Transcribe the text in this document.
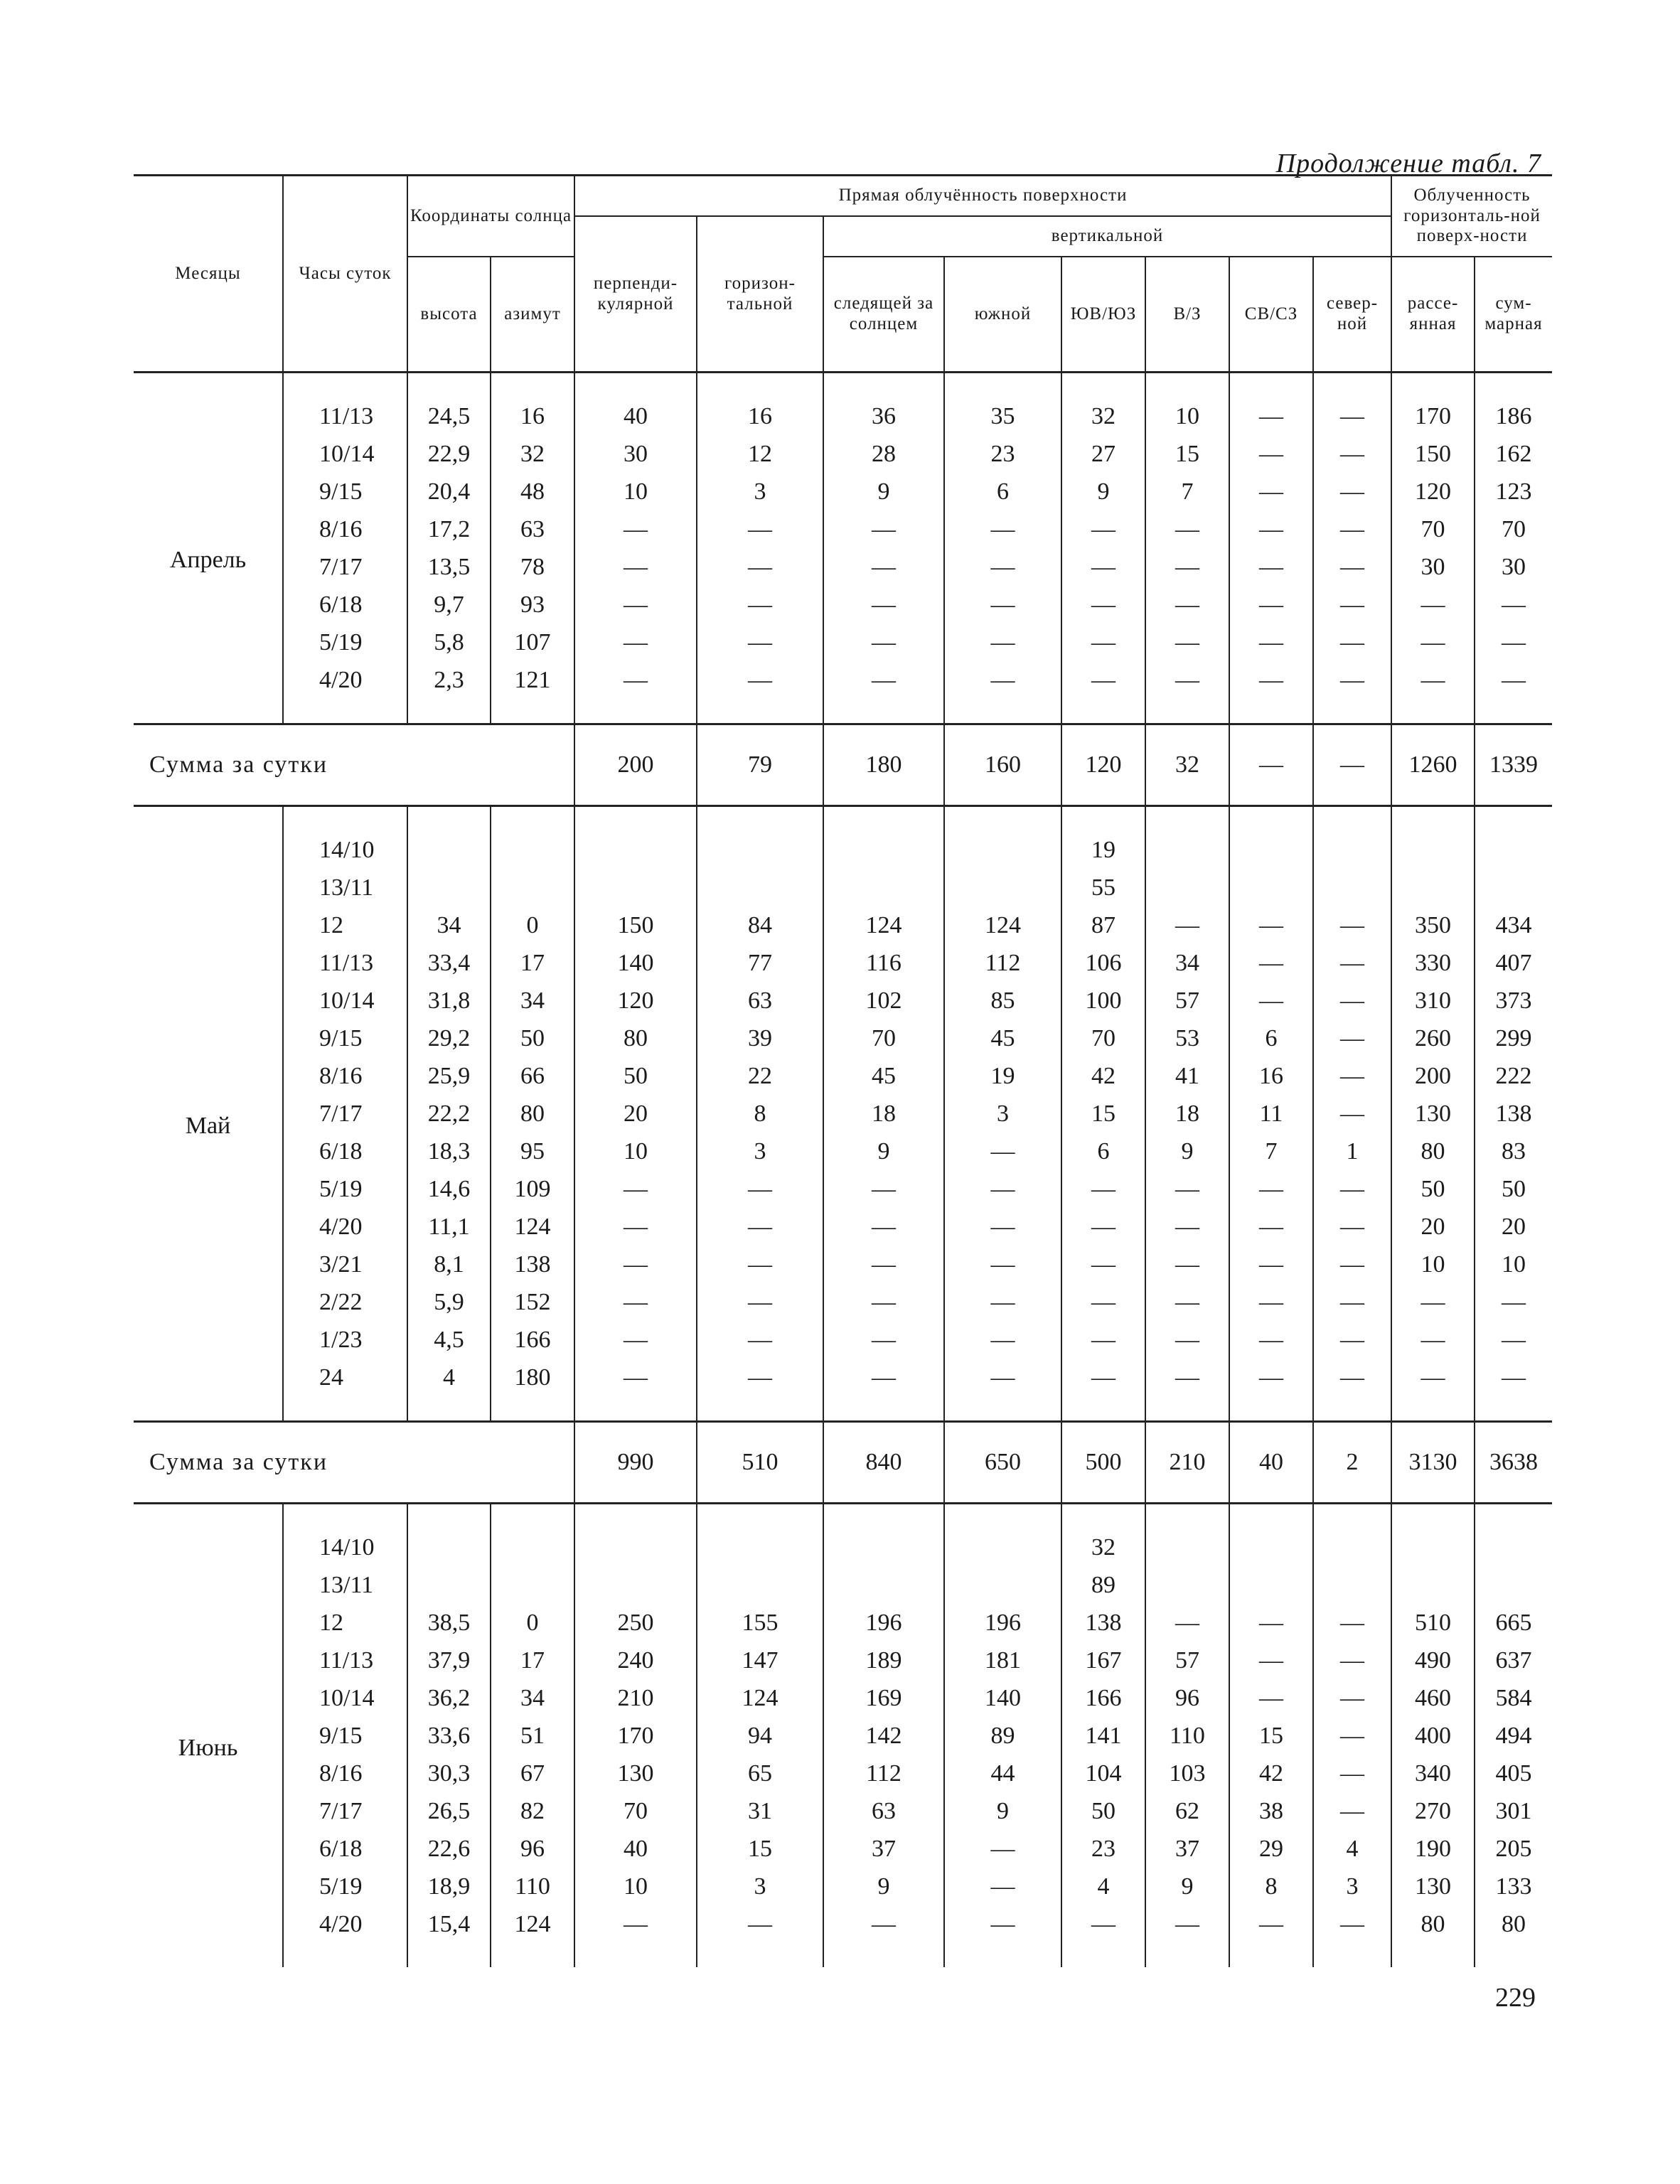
Продолжение табл. 7
Месяцы	Часы суток	Координаты солнца		Прямая облучённость поверхности								Облученность горизонталь-ной поверх-ности	
				перпенди-кулярной	горизон-тальной	вертикальной							
		высота	азимут			следящей за солнцем	южной	ЮВ/ЮЗ	В/З	СВ/СЗ	север-ной		
												рассе-янная	сум-марная

Апрель	11/13	24,5	16	40	16	36	35	32	10	—	—	170	186
	10/14	22,9	32	30	12	28	23	27	15	—	—	150	162
	9/15	20,4	48	10	3	9	6	9	7	—	—	120	123
	8/16	17,2	63	—	—	—	—	—	—	—	—	70	70
	7/17	13,5	78	—	—	—	—	—	—	—	—	30	30
	6/18	9,7	93	—	—	—	—	—	—	—	—	—	—
	5/19	5,8	107	—	—	—	—	—	—	—	—	—	—
	4/20	2,3	121	—	—	—	—	—	—	—	—	—	—

Сумма за сутки				200	79	180	160	120	32	—	—	1260	1339

Май	14/10							19					
	13/11							55					
	12	34	0	150	84	124	124	87	—	—	—	350	434
	11/13	33,4	17	140	77	116	112	106	34	—	—	330	407
	10/14	31,8	34	120	63	102	85	100	57	—	—	310	373
	9/15	29,2	50	80	39	70	45	70	53	6	—	260	299
	8/16	25,9	66	50	22	45	19	42	41	16	—	200	222
	7/17	22,2	80	20	8	18	3	15	18	11	—	130	138
	6/18	18,3	95	10	3	9	—	6	9	7	1	80	83
	5/19	14,6	109	—	—	—	—	—	—	—	—	50	50
	4/20	11,1	124	—	—	—	—	—	—	—	—	20	20
	3/21	8,1	138	—	—	—	—	—	—	—	—	10	10
	2/22	5,9	152	—	—	—	—	—	—	—	—	—	—
	1/23	4,5	166	—	—	—	—	—	—	—	—	—	—
	24	4	180	—	—	—	—	—	—	—	—	—	—

Сумма за сутки				990	510	840	650	500	210	40	2	3130	3638

Июнь	14/10							32					
	13/11							89					
	12	38,5	0	250	155	196	196	138	—	—	—	510	665
	11/13	37,9	17	240	147	189	181	167	57	—	—	490	637
	10/14	36,2	34	210	124	169	140	166	96	—	—	460	584
	9/15	33,6	51	170	94	142	89	141	110	15	—	400	494
	8/16	30,3	67	130	65	112	44	104	103	42	—	340	405
	7/17	26,5	82	70	31	63	9	50	62	38	—	270	301
	6/18	22,6	96	40	15	37	—	23	37	29	4	190	205
	5/19	18,9	110	10	3	9	—	4	9	8	3	130	133
	4/20	15,4	124	—	—	—	—	—	—	—	—	80	80

229
